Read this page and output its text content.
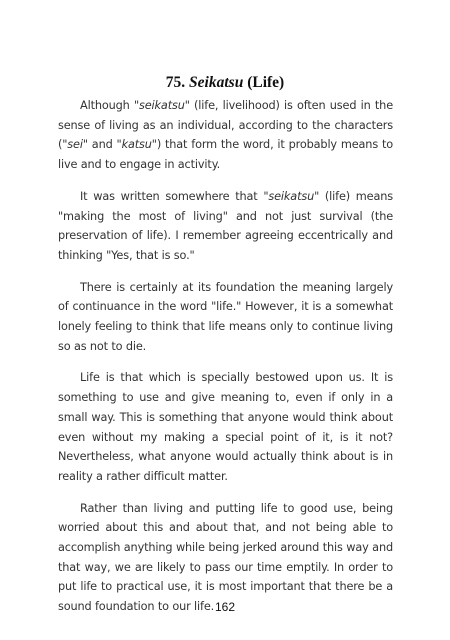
75. Seikatsu (Life)

Although "seikatsu" (life, livelihood) is often used in the sense of living as an individual, according to the characters ("sei" and "katsu") that form the word, it probably means to live and to engage in activity.

It was written somewhere that "seikatsu" (life) means "making the most of living" and not just survival (the preservation of life). I remember agreeing eccentrically and thinking "Yes, that is so."

There is certainly at its foundation the meaning largely of continuance in the word "life." However, it is a somewhat lonely feeling to think that life means only to continue living so as not to die.

Life is that which is specially bestowed upon us. It is something to use and give meaning to, even if only in a small way. This is something that anyone would think about even without my making a special point of it, is it not? Nevertheless, what anyone would actually think about is in reality a rather difficult matter.

Rather than living and putting life to good use, being worried about this and about that, and not being able to accomplish anything while being jerked around this way and that way, we are likely to pass our time emptily. In order to put life to practical use, it is most important that there be a sound foundation to our life. 162
